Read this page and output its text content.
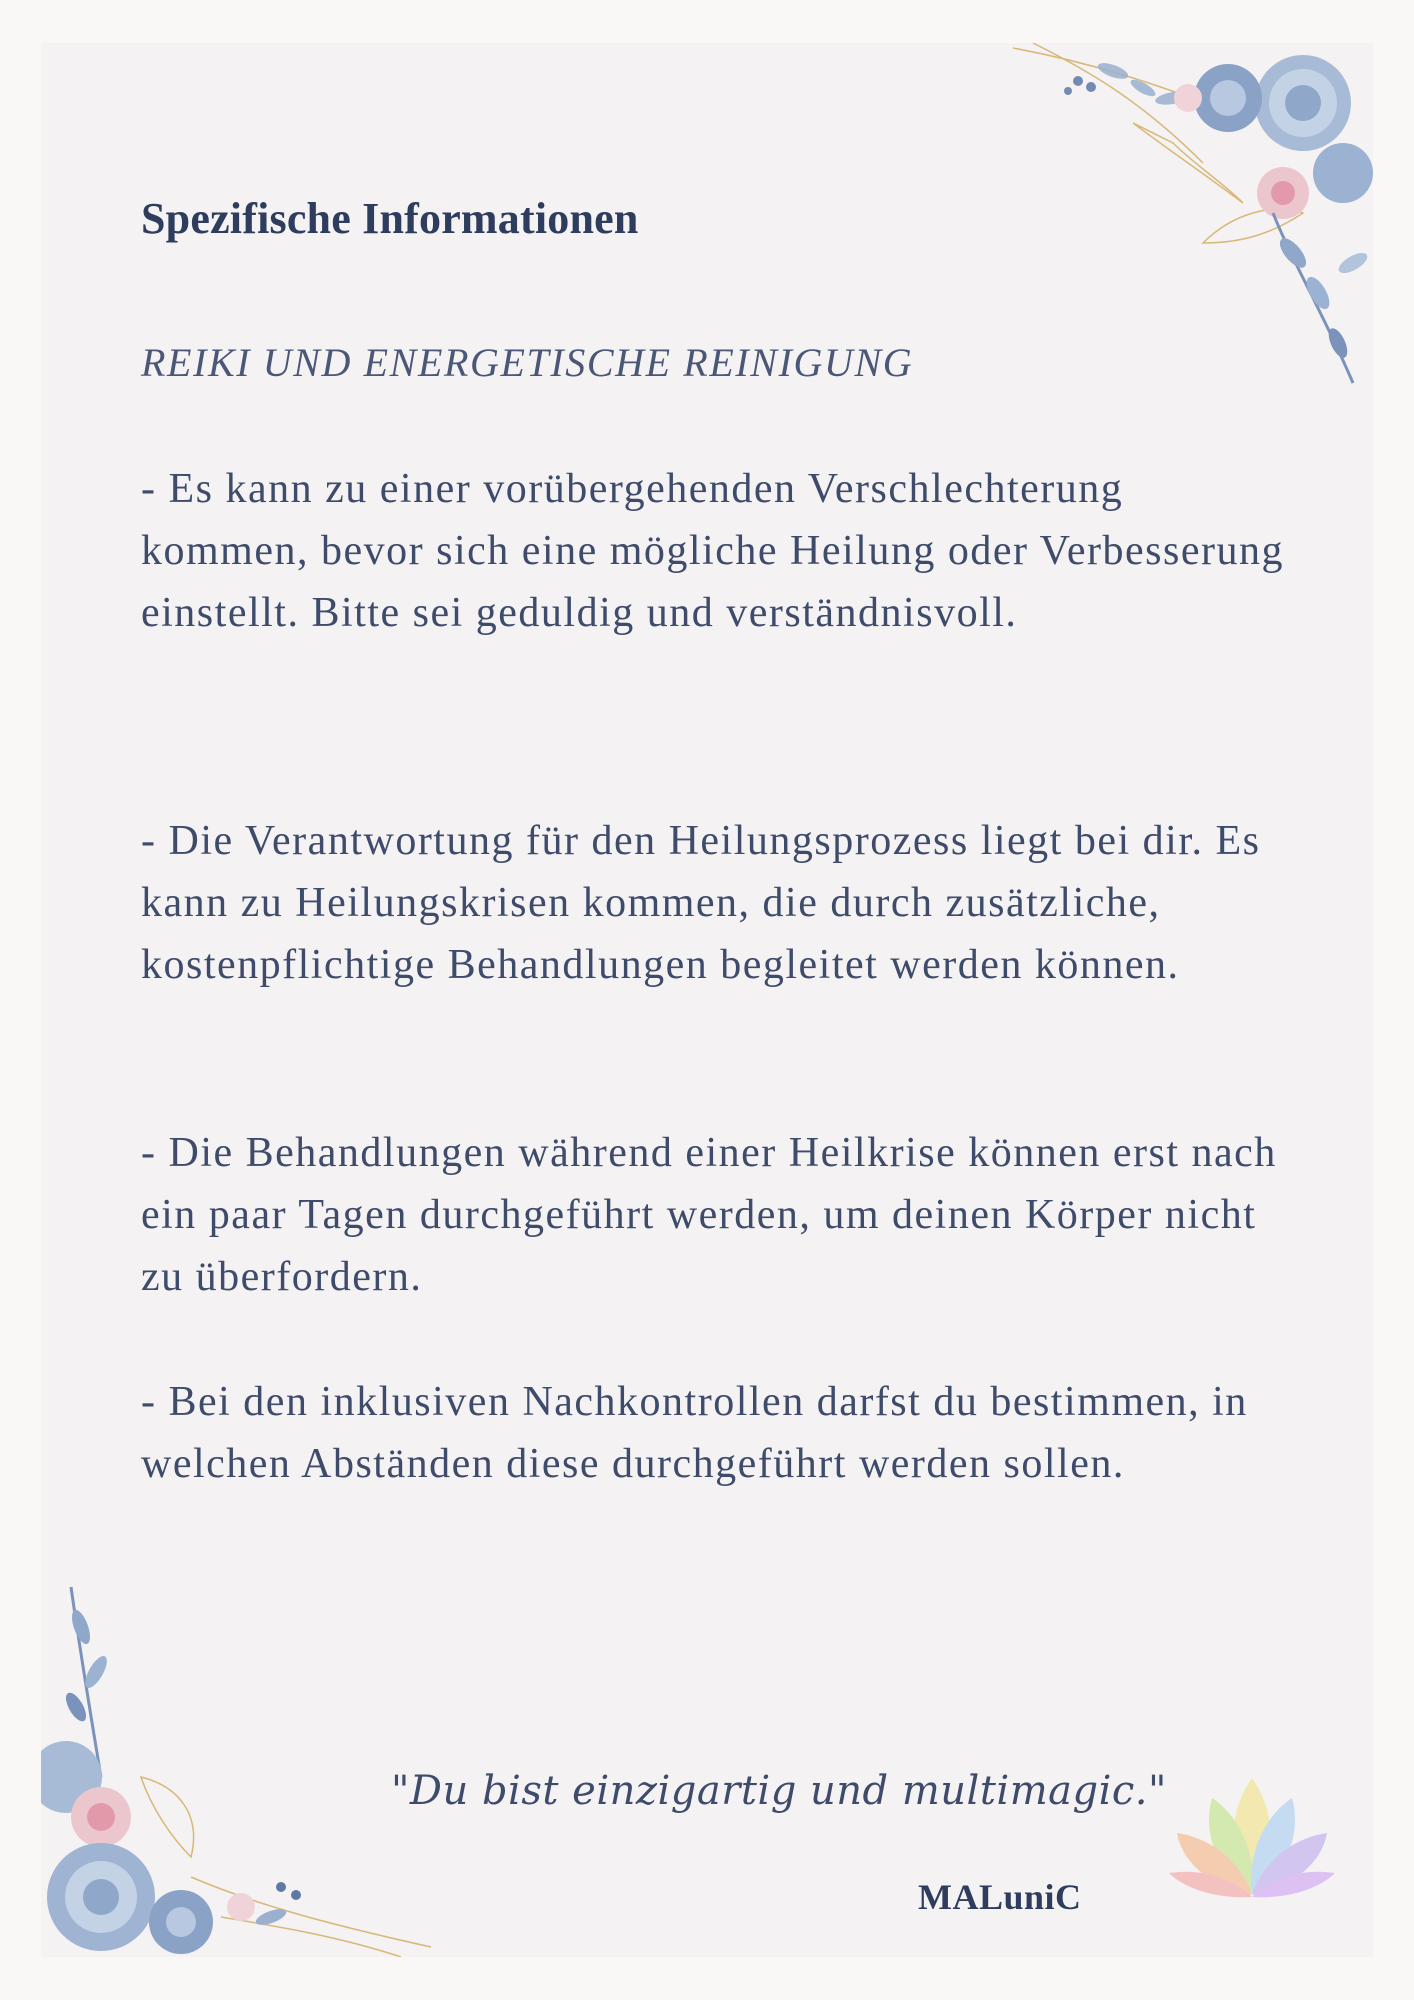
Spezifische Informationen
REIKI UND ENERGETISCHE REINIGUNG
- Es kann zu einer vorübergehenden Verschlechterung kommen, bevor sich eine mögliche Heilung oder Verbesserung einstellt. Bitte sei geduldig und verständnisvoll.
- Die Verantwortung für den Heilungsprozess liegt bei dir. Es kann zu Heilungskrisen kommen, die durch zusätzliche, kostenpflichtige Behandlungen begleitet werden können.
- Die Behandlungen während einer Heilkrise können erst nach ein paar Tagen durchgeführt werden, um deinen Körper nicht zu überfordern.
- Bei den inklusiven Nachkontrollen darfst du bestimmen, in welchen Abständen diese durchgeführt werden sollen.
"Du bist einzigartig und multimagic."
MALuniC
